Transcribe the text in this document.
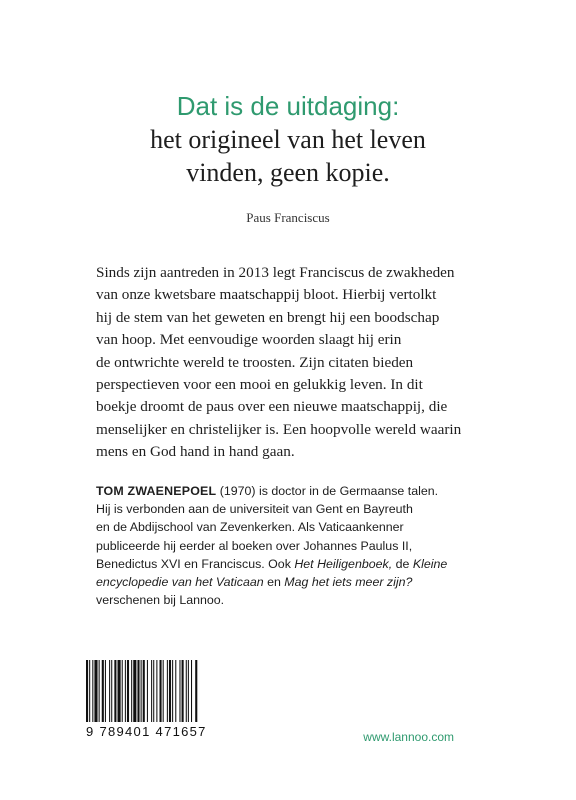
Dat is de uitdaging:
het origineel van het leven
vinden, geen kopie.
Paus Franciscus
Sinds zijn aantreden in 2013 legt Franciscus de zwakheden
van onze kwetsbare maatschappij bloot. Hierbij vertolkt
hij de stem van het geweten en brengt hij een boodschap
van hoop. Met eenvoudige woorden slaagt hij erin
de ontwrichte wereld te troosten. Zijn citaten bieden
perspectieven voor een mooi en gelukkig leven. In dit
boekje droomt de paus over een nieuwe maatschappij, die
menselijker en christelijker is. Een hoopvolle wereld waarin
mens en God hand in hand gaan.
TOM ZWAENEPOEL (1970) is doctor in de Germaanse talen.
Hij is verbonden aan de universiteit van Gent en Bayreuth
en de Abdijschool van Zevenkerken. Als Vaticaankenner
publiceerde hij eerder al boeken over Johannes Paulus II,
Benedictus XVI en Franciscus. Ook Het Heiligenboek, de Kleine
encyclopedie van het Vaticaan en Mag het iets meer zijn?
verschenen bij Lannoo.
9 789401 471657	www.lannoo.com
